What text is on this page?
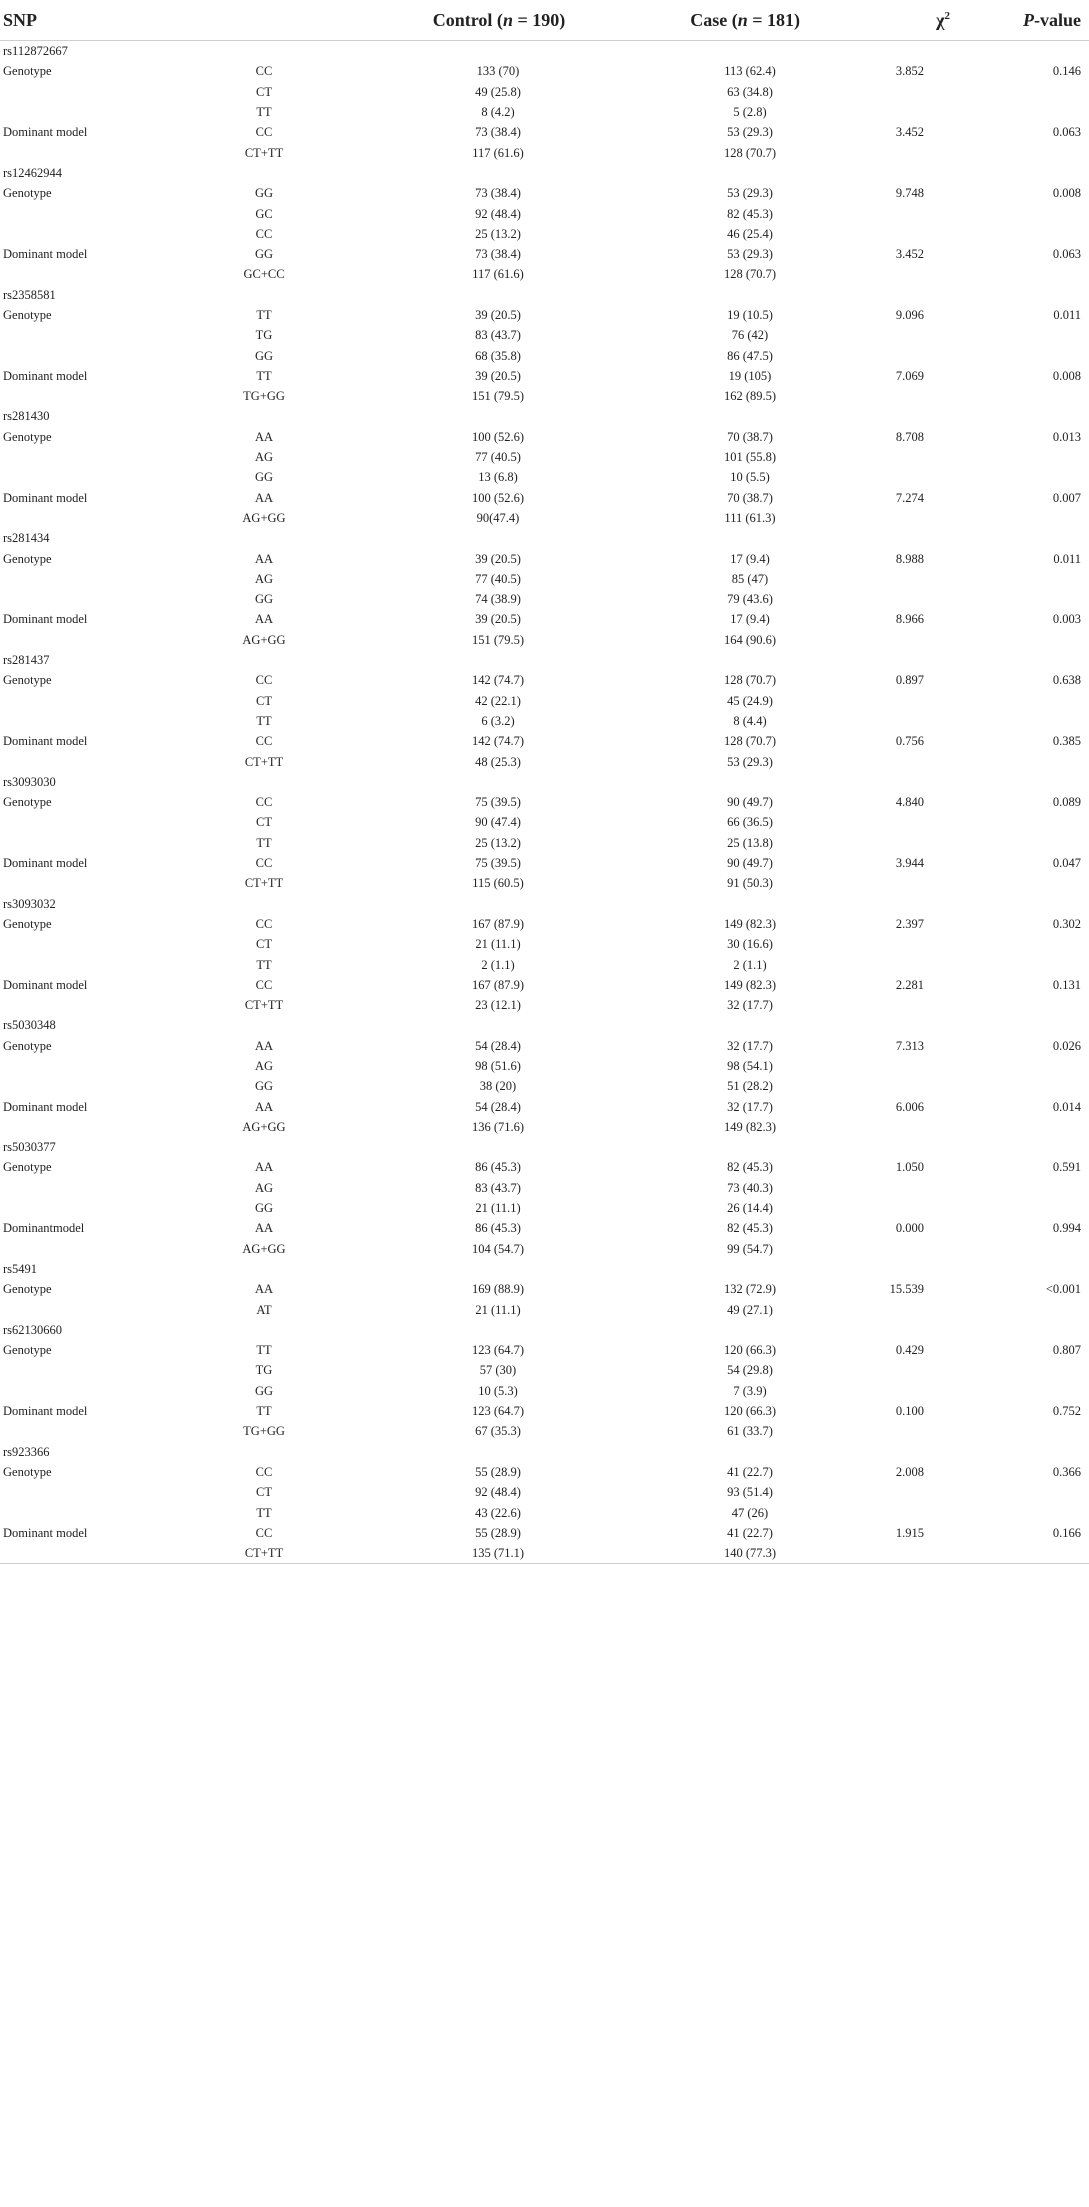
SNP		Control (n = 190)	Case (n = 181)	$\chi^2$	P-value
rs112872667					
Genotype	CC	133 (70)	113 (62.4)	3.852	0.146
	CT	49 (25.8)	63 (34.8)		
	TT	8 (4.2)	5 (2.8)		
Dominant model	CC	73 (38.4)	53 (29.3)	3.452	0.063
	CT+TT	117 (61.6)	128 (70.7)		
rs12462944					
Genotype	GG	73 (38.4)	53 (29.3)	9.748	0.008
	GC	92 (48.4)	82 (45.3)		
	CC	25 (13.2)	46 (25.4)		
Dominant model	GG	73 (38.4)	53 (29.3)	3.452	0.063
	GC+CC	117 (61.6)	128 (70.7)		
rs2358581					
Genotype	TT	39 (20.5)	19 (10.5)	9.096	0.011
	TG	83 (43.7)	76 (42)		
	GG	68 (35.8)	86 (47.5)		
Dominant model	TT	39 (20.5)	19 (105)	7.069	0.008
	TG+GG	151 (79.5)	162 (89.5)		
rs281430					
Genotype	AA	100 (52.6)	70 (38.7)	8.708	0.013
	AG	77 (40.5)	101 (55.8)		
	GG	13 (6.8)	10 (5.5)		
Dominant model	AA	100 (52.6)	70 (38.7)	7.274	0.007
	AG+GG	90(47.4)	111 (61.3)		
rs281434					
Genotype	AA	39 (20.5)	17 (9.4)	8.988	0.011
	AG	77 (40.5)	85 (47)		
	GG	74 (38.9)	79 (43.6)		
Dominant model	AA	39 (20.5)	17 (9.4)	8.966	0.003
	AG+GG	151 (79.5)	164 (90.6)		
rs281437					
Genotype	CC	142 (74.7)	128 (70.7)	0.897	0.638
	CT	42 (22.1)	45 (24.9)		
	TT	6 (3.2)	8 (4.4)		
Dominant model	CC	142 (74.7)	128 (70.7)	0.756	0.385
	CT+TT	48 (25.3)	53 (29.3)		
rs3093030					
Genotype	CC	75 (39.5)	90 (49.7)	4.840	0.089
	CT	90 (47.4)	66 (36.5)		
	TT	25 (13.2)	25 (13.8)		
Dominant model	CC	75 (39.5)	90 (49.7)	3.944	0.047
	CT+TT	115 (60.5)	91 (50.3)		
rs3093032					
Genotype	CC	167 (87.9)	149 (82.3)	2.397	0.302
	CT	21 (11.1)	30 (16.6)		
	TT	2 (1.1)	2 (1.1)		
Dominant model	CC	167 (87.9)	149 (82.3)	2.281	0.131
	CT+TT	23 (12.1)	32 (17.7)		
rs5030348					
Genotype	AA	54 (28.4)	32 (17.7)	7.313	0.026
	AG	98 (51.6)	98 (54.1)		
	GG	38 (20)	51 (28.2)		
Dominant model	AA	54 (28.4)	32 (17.7)	6.006	0.014
	AG+GG	136 (71.6)	149 (82.3)		
rs5030377					
Genotype	AA	86 (45.3)	82 (45.3)	1.050	0.591
	AG	83 (43.7)	73 (40.3)		
	GG	21 (11.1)	26 (14.4)		
Dominantmodel	AA	86 (45.3)	82 (45.3)	0.000	0.994
	AG+GG	104 (54.7)	99 (54.7)		
rs5491					
Genotype	AA	169 (88.9)	132 (72.9)	15.539	<0.001
	AT	21 (11.1)	49 (27.1)		
rs62130660					
Genotype	TT	123 (64.7)	120 (66.3)	0.429	0.807
	TG	57 (30)	54 (29.8)		
	GG	10 (5.3)	7 (3.9)		
Dominant model	TT	123 (64.7)	120 (66.3)	0.100	0.752
	TG+GG	67 (35.3)	61 (33.7)		
rs923366					
Genotype	CC	55 (28.9)	41 (22.7)	2.008	0.366
	CT	92 (48.4)	93 (51.4)		
	TT	43 (22.6)	47 (26)		
Dominant model	CC	55 (28.9)	41 (22.7)	1.915	0.166
	CT+TT	135 (71.1)	140 (77.3)		
